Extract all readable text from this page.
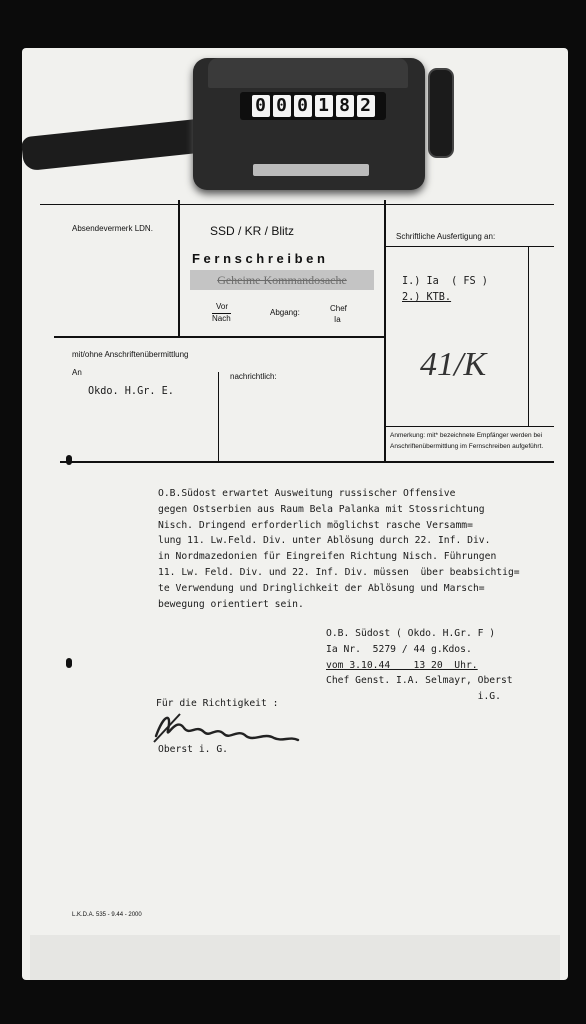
0 0 0 1 8 2
Absendevermerk LDN.	SSD / KR / Blitz
F e r n s c h r e i b e n
Geheime Kommandosache
Vor
Nach
Abgang:	Chef
Ia
Schriftliche Ausfertigung an:
I.) Ia  ( FS )
2.) KTB.
41/K
mit/ohne Anschriftenübermittlung
An
Okdo. H.Gr. E.
nachrichtlich:
Anmerkung: mit* bezeichnete Empfänger werden bei
Anschriftenübermittlung im Fernschreiben aufgeführt.
O.B.Südost erwartet Ausweitung russischer Offensive
gegen Ostserbien aus Raum Bela Palanka mit Stossrichtung
Nisch. Dringend erforderlich möglichst rasche Versamm=
lung 11. Lw.Feld. Div. unter Ablösung durch 22. Inf. Div.
in Nordmazedonien für Eingreifen Richtung Nisch. Führungen
11. Lw. Feld. Div. und 22. Inf. Div. müssen  über beabsichtig=
te Verwendung und Dringlichkeit der Ablösung und Marsch=
bewegung orientiert sein.
O.B. Südost ( Okdo. H.Gr. F )
Ia Nr.  5279 / 44 g.Kdos.
vom 3.10.44    13 20  Uhr.
Chef Genst. I.A. Selmayr, Oberst
i.G.
Für die Richtigkeit :
Oberst i. G.
L.K.D.A. 535 - 9.44 - 2000
